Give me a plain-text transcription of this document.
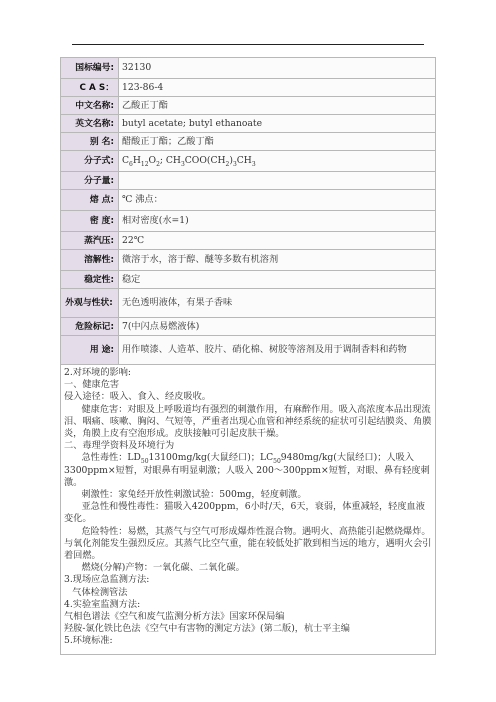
国标编号:	32130
C A S：	123-86-4
中文名称:	乙酸正丁酯
英文名称:	butyl acetate; butyl ethanoate
别 名:	醋酸正丁酯；乙酸丁酯
分子式:	$C_6H_{12}O_2$; $CH_3COO(CH_2)_3CH_3$
分子量:	
熔 点:	℃ 沸点：
密 度:	相对密度(水=1)
蒸汽压:	22℃
溶解性:	微溶于水，溶于醇、醚等多数有机溶剂
稳定性:	稳定
外观与性状:	无色透明液体，有果子香味
危险标记:	7(中闪点易燃液体)
用 途:	用作喷漆、人造革、胶片、硝化棉、树胶等溶剂及用于调制香料和药物

2.对环境的影响:

一、健康危害

侵入途径：吸入、食入、经皮吸收。

健康危害：对眼及上呼吸道均有强烈的刺激作用，有麻醉作用。吸入高浓度本品出现流泪、咽痛、咳嗽、胸闷、气短等，严重者出现心血管和神经系统的症状可引起结膜炎、角膜炎，角膜上皮有空泡形成。皮肤接触可引起皮肤干燥。

二、毒理学资料及环境行为

急性毒性：$LD_{50}13100mg/kg$(大鼠经口)；$LC_{50}9480mg/kg$(大鼠经口)；人吸入3300ppm×短暂，对眼鼻有明显刺激；人吸入 200～300ppm×短暂，对眼、鼻有轻度刺激。

刺激性：家兔经开放性刺激试验：500mg，轻度刺激。

亚急性和慢性毒性：猫吸入4200ppm，6小时/天，6天，衰弱，体重减轻，轻度血液变化。

危险特性：易燃，其蒸气与空气可形成爆炸性混合物。遇明火、高热能引起燃烧爆炸。与氧化剂能发生强烈反应。其蒸气比空气重，能在较低处扩散到相当远的地方，遇明火会引着回燃。

燃烧(分解)产物：一氧化碳、二氧化碳。

3.现场应急监测方法:

气体检测管法

4.实验室监测方法:

气相色谱法《空气和废气监测分析方法》国家环保局编

羟胺-氯化铁比色法《空气中有害物的测定方法》(第二版)，杭士平主编

5.环境标准:
